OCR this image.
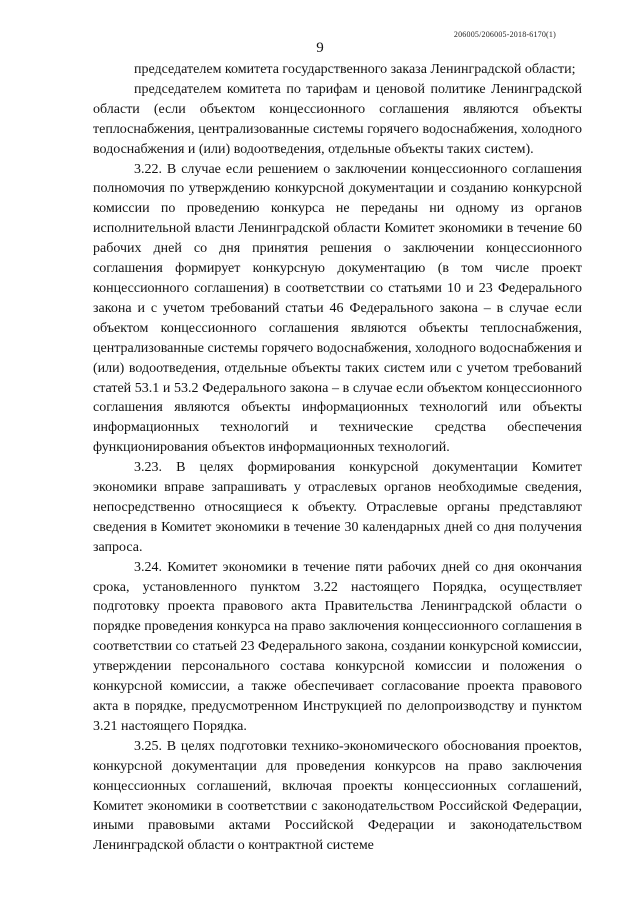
206005/206005-2018-6170(1)
9

председателем комитета государственного заказа Ленинградской области;

председателем комитета по тарифам и ценовой политике Ленинградской области (если объектом концессионного соглашения являются объекты теплоснабжения, централизованные системы горячего водоснабжения, холодного водоснабжения и (или) водоотведения, отдельные объекты таких систем).

3.22. В случае если решением о заключении концессионного соглашения полномочия по утверждению конкурсной документации и созданию конкурсной комиссии по проведению конкурса не переданы ни одному из органов исполнительной власти Ленинградской области Комитет экономики в течение 60 рабочих дней со дня принятия решения о заключении концессионного соглашения формирует конкурсную документацию (в том числе проект концессионного соглашения) в соответствии со статьями 10 и 23 Федерального закона и с учетом требований статьи 46 Федерального закона – в случае если объектом концессионного соглашения являются объекты теплоснабжения, централизованные системы горячего водоснабжения, холодного водоснабжения и (или) водоотведения, отдельные объекты таких систем или с учетом требований статей 53.1 и 53.2 Федерального закона – в случае если объектом концессионного соглашения являются объекты информационных технологий или объекты информационных технологий и технические средства обеспечения функционирования объектов информационных технологий.

3.23. В целях формирования конкурсной документации Комитет экономики вправе запрашивать у отраслевых органов необходимые сведения, непосредственно относящиеся к объекту. Отраслевые органы представляют сведения в Комитет экономики в течение 30 календарных дней со дня получения запроса.

3.24. Комитет экономики в течение пяти рабочих дней со дня окончания срока, установленного пунктом 3.22 настоящего Порядка, осуществляет подготовку проекта правового акта Правительства Ленинградской области о порядке проведения конкурса на право заключения концессионного соглашения в соответствии со статьей 23 Федерального закона, создании конкурсной комиссии, утверждении персонального состава конкурсной комиссии и положения о конкурсной комиссии, а также обеспечивает согласование проекта правового акта в порядке, предусмотренном Инструкцией по делопроизводству и пунктом 3.21 настоящего Порядка.

3.25. В целях подготовки технико-экономического обоснования проектов, конкурсной документации для проведения конкурсов на право заключения концессионных соглашений, включая проекты концессионных соглашений, Комитет экономики в соответствии с законодательством Российской Федерации, иными правовыми актами Российской Федерации и законодательством Ленинградской области о контрактной системе
